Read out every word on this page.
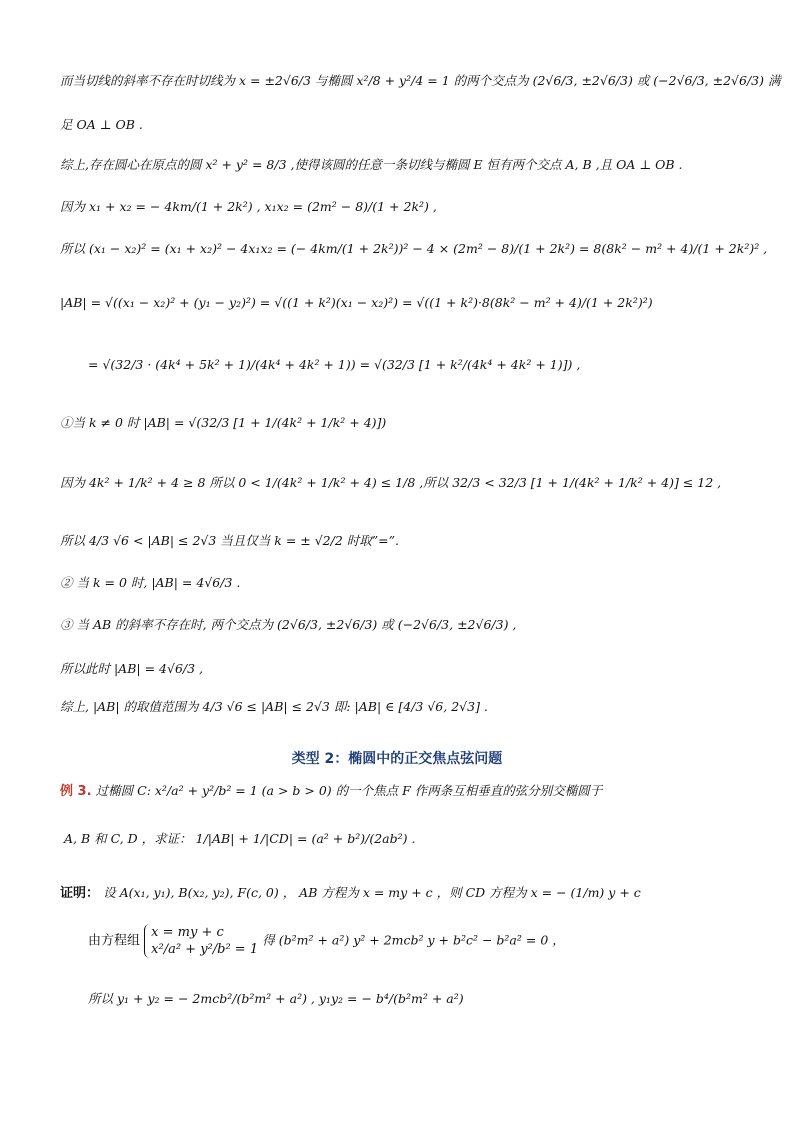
而当切线的斜率不存在时切线为 x = ±2√6/3 与椭圆 x²/8 + y²/4 = 1 的两个交点为 (2√6/3, ±2√6/3) 或 (−2√6/3, ±2√6/3) 满
足 OA ⊥ OB .
综上,存在圆心在原点的圆 x² + y² = 8/3 ,使得该圆的任意一条切线与椭圆 E 恒有两个交点 A, B ,且 OA ⊥ OB .
因为 x₁ + x₂ = − 4km/(1 + 2k²) , x₁x₂ = (2m² − 8)/(1 + 2k²) ,
所以 (x₁ − x₂)² = (x₁ + x₂)² − 4x₁x₂ = (− 4km/(1 + 2k²))² − 4 × (2m² − 8)/(1 + 2k²) = 8(8k² − m² + 4)/(1 + 2k²)² ,
|AB| = √((x₁ − x₂)² + (y₁ − y₂)²) = √((1 + k²)(x₁ − x₂)²) = √((1 + k²)·8(8k² − m² + 4)/(1 + 2k²)²)
= √(32/3 · (4k⁴ + 5k² + 1)/(4k⁴ + 4k² + 1)) = √(32/3 [1 + k²/(4k⁴ + 4k² + 1)]) ,
①当 k ≠ 0 时 |AB| = √(32/3 [1 + 1/(4k² + 1/k² + 4)])
因为 4k² + 1/k² + 4 ≥ 8 所以 0 < 1/(4k² + 1/k² + 4) ≤ 1/8 ,所以 32/3 < 32/3 [1 + 1/(4k² + 1/k² + 4)] ≤ 12 ,
所以 4/3 √6 < |AB| ≤ 2√3 当且仅当 k = ± √2/2 时取”=”.
② 当 k = 0 时, |AB| = 4√6/3 .
③ 当 AB 的斜率不存在时, 两个交点为 (2√6/3, ±2√6/3) 或 (−2√6/3, ±2√6/3) ,
所以此时 |AB| = 4√6/3 ,
综上, |AB| 的取值范围为 4/3 √6 ≤ |AB| ≤ 2√3 即: |AB| ∈ [4/3 √6, 2√3] .
类型 2：椭圆中的正交焦点弦问题
例 3. 过椭圆 C: x²/a² + y²/b² = 1 (a > b > 0) 的一个焦点 F 作两条互相垂直的弦分别交椭圆于
A, B 和 C, D ，求证： 1/|AB| + 1/|CD| = (a² + b²)/(2ab²) .
证明： 设 A(x₁, y₁), B(x₂, y₂), F(c, 0) ， AB 方程为 x = my + c ，则 CD 方程为 x = − (1/m) y + c
由方程组
x = my + c
x²/a² + y²/b² = 1
得 (b²m² + a²) y² + 2mcb² y + b²c² − b²a² = 0 ，
所以 y₁ + y₂ = − 2mcb²/(b²m² + a²) , y₁y₂ = − b⁴/(b²m² + a²)
